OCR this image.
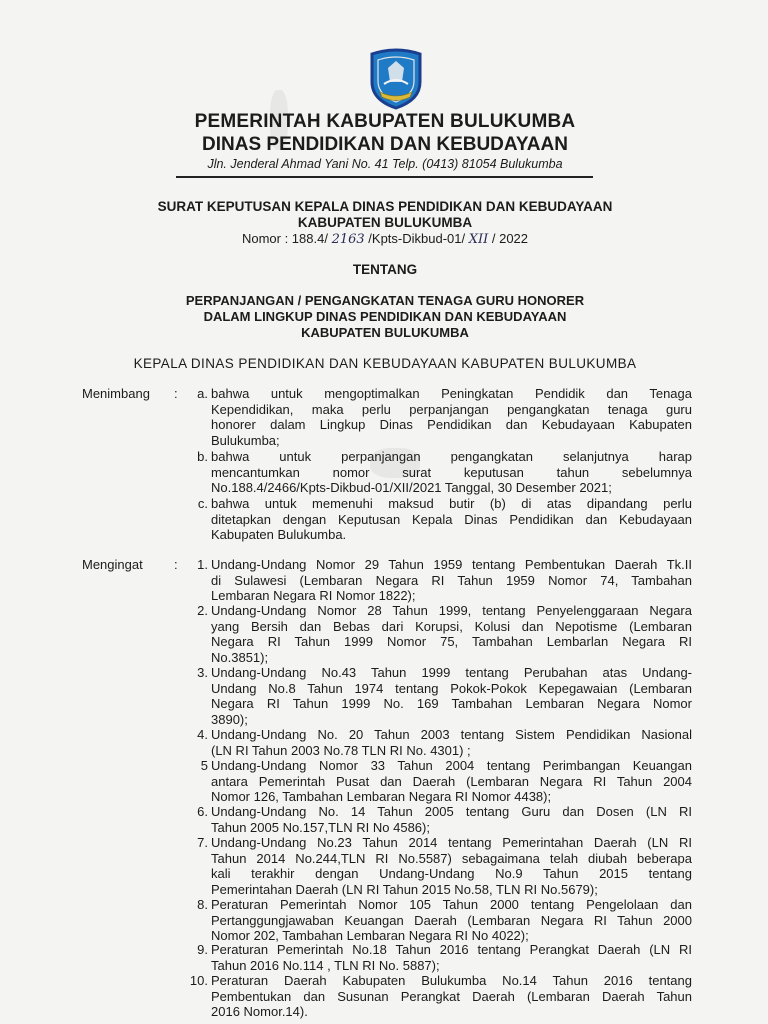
PEMERINTAH KABUPATEN BULUKUMBA
DINAS PENDIDIKAN DAN KEBUDAYAAN
Jln. Jenderal Ahmad Yani No. 41 Telp. (0413) 81054 Bulukumba
SURAT KEPUTUSAN KEPALA DINAS PENDIDIKAN DAN KEBUDAYAAN
KABUPATEN BULUKUMBA
Nomor : 188.4/ 2163 /Kpts-Dikbud-01/ XII / 2022
TENTANG
PERPANJANGAN / PENGANGKATAN TENAGA GURU HONORER
DALAM LINGKUP DINAS PENDIDIKAN DAN KEBUDAYAAN
KABUPATEN BULUKUMBA
KEPALA DINAS PENDIDIKAN DAN KEBUDAYAAN KABUPATEN BULUKUMBA
Menimbang :	a. bahwa untuk mengoptimalkan Peningkatan Pendidik dan Tenaga
Kependidikan, maka perlu perpanjangan pengangkatan tenaga guru
honorer dalam Lingkup Dinas Pendidikan dan Kebudayaan Kabupaten
Bulukumba;
b. bahwa untuk perpanjangan pengangkatan selanjutnya harap
mencantumkan nomor surat keputusan tahun sebelumnya
No.188.4/2466/Kpts-Dikbud-01/XII/2021 Tanggal, 30 Desember 2021;
c. bahwa untuk memenuhi maksud butir (b) di atas dipandang perlu
ditetapkan dengan Keputusan Kepala Dinas Pendidikan dan Kebudayaan
Kabupaten Bulukumba.
Mengingat :	1. Undang-Undang Nomor 29 Tahun 1959 tentang Pembentukan Daerah Tk.II
di Sulawesi (Lembaran Negara RI Tahun 1959 Nomor 74, Tambahan
Lembaran Negara RI Nomor 1822);
2. Undang-Undang Nomor 28 Tahun 1999, tentang Penyelenggaraan Negara
yang Bersih dan Bebas dari Korupsi, Kolusi dan Nepotisme (Lembaran
Negara RI Tahun 1999 Nomor 75, Tambahan Lembarlan Negara RI
No.3851);
3. Undang-Undang No.43 Tahun 1999 tentang Perubahan atas Undang-
Undang No.8 Tahun 1974 tentang Pokok-Pokok Kepegawaian (Lembaran
Negara RI Tahun 1999 No. 169 Tambahan Lembaran Negara Nomor
3890);
4. Undang-Undang No. 20 Tahun 2003 tentang Sistem Pendidikan Nasional
(LN RI Tahun 2003 No.78 TLN RI No. 4301) ;
5 Undang-Undang Nomor 33 Tahun 2004 tentang Perimbangan Keuangan
antara Pemerintah Pusat dan Daerah (Lembaran Negara RI Tahun 2004
Nomor 126, Tambahan Lembaran Negara RI Nomor 4438);
6. Undang-Undang No. 14 Tahun 2005 tentang Guru dan Dosen (LN RI
Tahun 2005 No.157,TLN RI No 4586);
7. Undang-Undang No.23 Tahun 2014 tentang Pemerintahan Daerah (LN RI
Tahun 2014 No.244,TLN RI No.5587) sebagaimana telah diubah beberapa
kali terakhir dengan Undang-Undang No.9 Tahun 2015 tentang
Pemerintahan Daerah (LN RI Tahun 2015 No.58, TLN RI No.5679);
8. Peraturan Pemerintah Nomor 105 Tahun 2000 tentang Pengelolaan dan
Pertanggungjawaban Keuangan Daerah (Lembaran Negara RI Tahun 2000
Nomor 202, Tambahan Lembaran Negara RI No 4022);
9. Peraturan Pemerintah No.18 Tahun 2016 tentang Perangkat Daerah (LN RI
Tahun 2016 No.114 , TLN RI No. 5887);
10. Peraturan Daerah Kabupaten Bulukumba No.14 Tahun 2016 tentang
Pembentukan dan Susunan Perangkat Daerah (Lembaran Daerah Tahun
2016 Nomor.14).
